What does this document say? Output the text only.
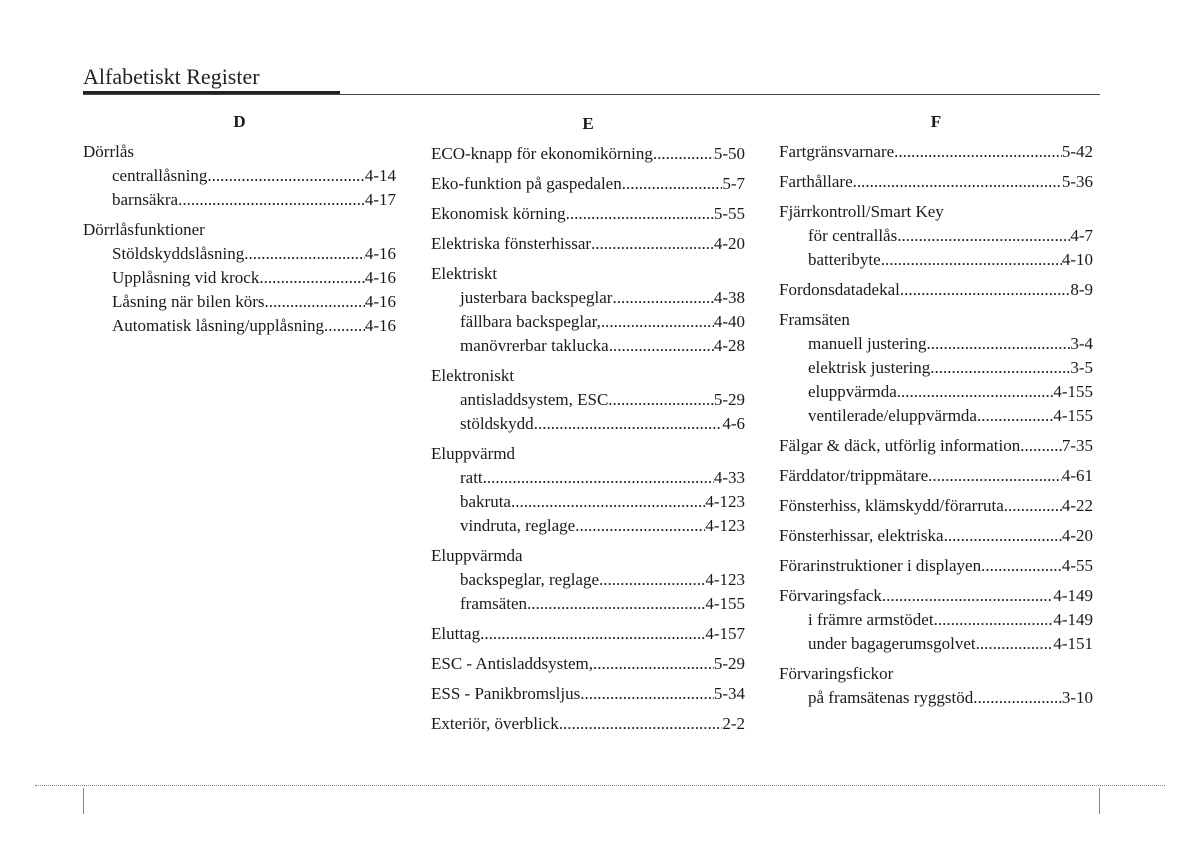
Alfabetiskt Register
D
Dörrlås
centrallåsning .....	4-14
barnsäkra .....	4-17
Dörrlåsfunktioner
Stöldskyddslåsning .....	4-16
Upplåsning vid krock .....	4-16
Låsning när bilen körs .....	4-16
Automatisk låsning/upplåsning ..... 4-16
E
ECO-knapp för ekonomikörning .....	5-50
Eko-funktion på gaspedalen .....	5-7
Ekonomisk körning .....	5-55
Elektriska fönsterhissar .....	4-20
Elektriskt
justerbara backspeglar .....	4-38
fällbara backspeglar, .....	4-40
manövrerbar taklucka .....	4-28
Elektroniskt
antisladdsystem, ESC .....	5-29
stöldskydd .....	4-6
Eluppvärmd
ratt .....	4-33
bakruta .....	4-123
vindruta, reglage .....	4-123
Eluppvärmda
backspeglar, reglage .....	4-123
framsäten .....	4-155
Eluttag .....	4-157
ESC - Antisladdsystem, .....	5-29
ESS - Panikbromsljus .....	5-34
Exteriör, överblick .....	2-2
F
Fartgränsvarnare .....	5-42
Farthållare .....	5-36
Fjärrkontroll/Smart Key
för centrallås .....	4-7
batteribyte .....	4-10
Fordonsdatadekal .....	8-9
Framsäten
manuell justering .....	3-4
elektrisk justering .....	3-5
eluppvärmda .....	4-155
ventilerade/eluppvärmda .....	4-155
Fälgar & däck, utförlig information ..... 7-35
Färddator/trippmätare .....	4-61
Fönsterhiss, klämskydd/förarruta .....	4-22
Fönsterhissar, elektriska .....	4-20
Förarinstruktioner i displayen .....	4-55
Förvaringsfack .....	4-149
i främre armstödet .....	4-149
under bagagerumsgolvet .....	4-151
Förvaringsfickor
på framsätenas ryggstöd .....	3-10
